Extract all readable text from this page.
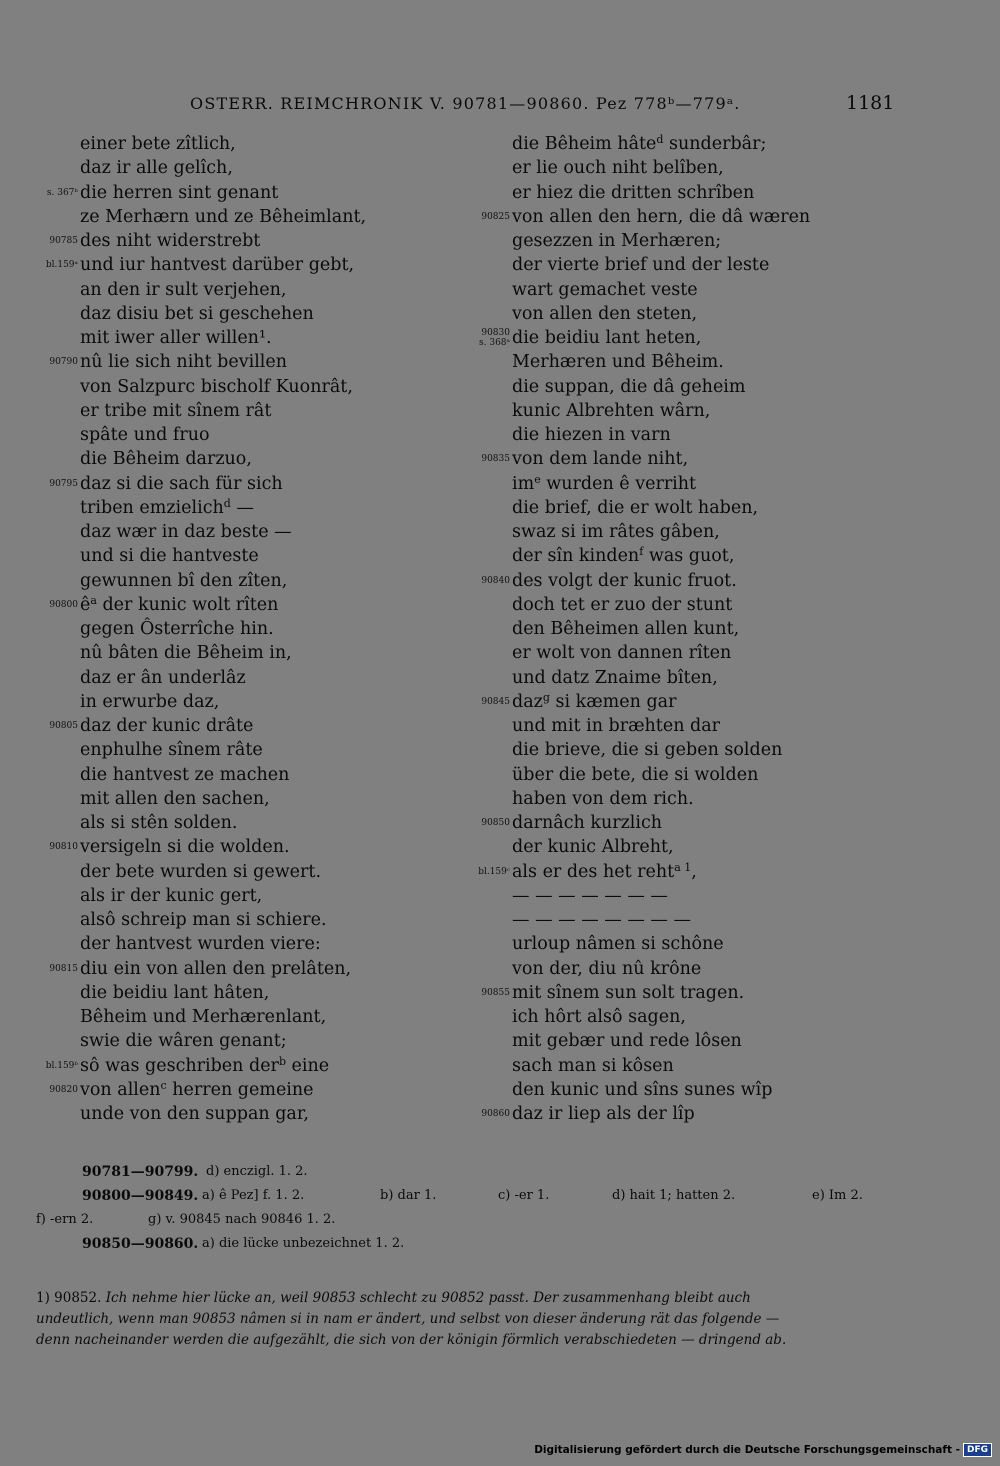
OSTERR. REIMCHRONIK V. 90781—90860. Pez 778ᵇ—779ᵃ.	1181
einer bete zîtlich,
daz ir alle gelîch,
s. 367ᵇ die herren sint genant
ze Merhærn und ze Bêheimlant,
90785 des niht widerstrebt
bl.159ᵃ und iur hantvest darüber gebt,
an den ir sult verjehen,
daz disiu bet si geschehen
mit iwer aller willen¹.
90790 nû lie sich niht bevillen
von Salzpurc bischolf Kuonrât,
er tribe mit sînem rât
spâte und fruo
die Bêheim darzuo,
90795 daz si die sach für sich
triben emzielich$^d$ —
daz wær in daz beste —
und si die hantveste
gewunnen bî den zîten,
90800 $ê^a$ der kunic wolt rîten
gegen Ôsterrîche hin.
nû bâten die Bêheim in,
daz er ân underlâz
in erwurbe daz,
90805 daz der kunic drâte
enphulhe sînem râte
die hantvest ze machen
mit allen den sachen,
als si stên solden.
90810 versigeln si die wolden.
der bete wurden si gewert.
als ir der kunic gert,
alsô schreip man si schiere.
der hantvest wurden viere:
90815 diu ein von allen den prelâten,
die beidiu lant hâten,
Bêheim und Merhærenlant,
swie die wâren genant;
bl.159ᵇ sô was geschriben der$^b$ eine
90820 von allen$^c$ herren gemeine
unde von den suppan gar,
die Bêheim hâte$^d$ sunderbâr;
er lie ouch niht belîben,
er hiez die dritten schrîben
90825 von allen den hern, die dâ wæren
gesezzen in Merhæren;
der vierte brief und der leste
wart gemachet veste
von allen den steten,
90830
s. 368ᵃ die beidiu lant heten,
Merhæren und Bêheim.
die suppan, die dâ geheim
kunic Albrehten wârn,
die hiezen in varn
90835 von dem lande niht,
$im^e$ wurden ê verriht
die brief, die er wolt haben,
swaz si im râtes gâben,
der sîn kinden$^f$ was guot,
90840 des volgt der kunic fruot.
doch tet er zuo der stunt
den Bêheimen allen kunt,
er wolt von dannen rîten
und datz Znaime bîten,
90845 daz$^g$ si kæmen gar
und mit in bræhten dar
die brieve, die si geben solden
über die bete, die si wolden
haben von dem rich.
90850 darnâch kurzlich
der kunic Albreht,
bl.159ᶜ als er des het reht$^{a 1}$,
— — — — — — —
— — — — — — — —
urloup nâmen si schône
von der, diu nû krône
90855 mit sînem sun solt tragen.
ich hôrt alsô sagen,
mit gebær und rede lôsen
sach man si kôsen
den kunic und sîns sunes wîp
90860 daz ir liep als der lîp
90781—90799. d) enczigl. 1. 2.
90800—90849. a) ê Pez] f. 1. 2.	b) dar 1.	c) -er 1.	d) hait 1; hatten 2.	e) Im 2.
f) -ern 2.	g) v. 90845 nach 90846 1. 2.
90850—90860. a) die lücke unbezeichnet 1. 2.
1) 90852. Ich nehme hier lücke an, weil 90853 schlecht zu 90852 passt. Der zusammenhang bleibt auch
undeutlich, wenn man 90853 nâmen si in nam er ändert, und selbst von dieser änderung rät das folgende —
denn nacheinander werden die aufgezählt, die sich von der königin förmlich verabschiedeten — dringend ab.
Digitalisierung gefördert durch die Deutsche Forschungsgemeinschaft - DFG
